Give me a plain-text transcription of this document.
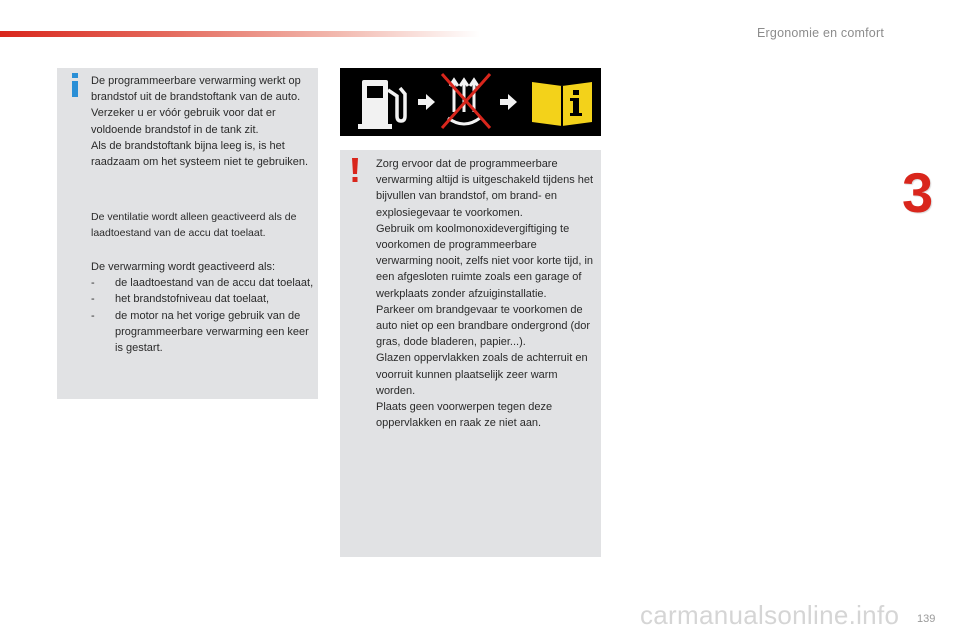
Ergonomie en comfort
3

De programmeerbare verwarming werkt op brandstof uit de brandstoftank van de auto.

Verzeker u er vóór gebruik voor dat er voldoende brandstof in de tank zit.

Als de brandstoftank bijna leeg is, is het raadzaam om het systeem niet te gebruiken.

De ventilatie wordt alleen geactiveerd als de laadtoestand van de accu dat toelaat.

De verwarming wordt geactiveerd als:

- de laadtoestand van de accu dat toelaat,
- het brandstofniveau dat toelaat,
- de motor na het vorige gebruik van de programmeerbare verwarming een keer is gestart.

Zorg ervoor dat de programmeerbare verwarming altijd is uitgeschakeld tijdens het bijvullen van brandstof, om brand- en explosiegevaar te voorkomen.

Gebruik om koolmonoxidevergiftiging te voorkomen de programmeerbare verwarming nooit, zelfs niet voor korte tijd, in een afgesloten ruimte zoals een garage of werkplaats zonder afzuiginstallatie.

Parkeer om brandgevaar te voorkomen de auto niet op een brandbare ondergrond (dor gras, dode bladeren, papier...).

Glazen oppervlakken zoals de achterruit en voorruit kunnen plaatselijk zeer warm worden.

Plaats geen voorwerpen tegen deze oppervlakken en raak ze niet aan.

139
carmanualsonline.info
